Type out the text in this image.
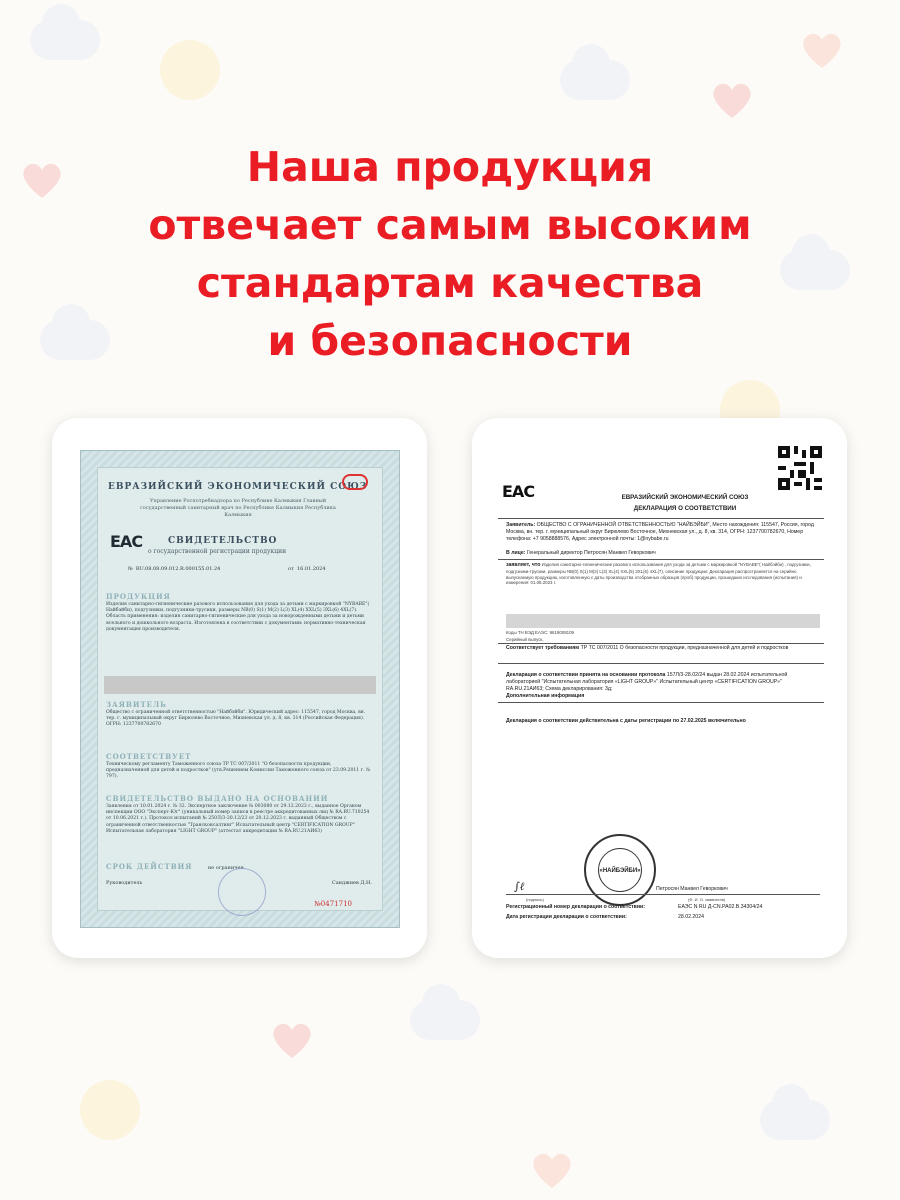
Наша продукция
отвечает самым высоким
стандартам качества
и безопасности
ЕВРАЗИЙСКИЙ ЭКОНОМИЧЕСКИЙ СОЮЗ
Управление Роспотребнадзора по Республике Калмыкия Главный государственный санитарный врач по Республике Калмыкия Республика Калмыкия
ЕАС	СВИДЕТЕЛЬСТВО
о государственной регистрации продукции
№ RU.08.08.09.012.R.000155.01.24	от 16.01.2024
ПРОДУКЦИЯ
Изделия санитарно-гигиенические разового использования для ухода за детьми с маркировкой "NYBABE"( Найбэйби), подгузники, подгузники-трусики, размеры NB(0) S(1) M(2) L(3) XL(4) XXL(5) 3XL(6) 4XL(7). Область применения: изделия санитарно-гигиенические для ухода за новорожденными детьми и детьми ясельного и дошкольного возраста. Изготовлена в соответствии с документами: нормативно-техническая документация производителя.
ЗАЯВИТЕЛЬ
Общество с ограниченной ответственностью "Найбэйби". Юридический адрес: 115547, город Москва, вн. тер. г. муниципальный округ Бирюлево Восточное, Михневская ул. д. 8, кв. 314 (Российская Федерация). ОГРН: 1237700782670
СООТВЕТСТВУЕТ
Техническому регламенту Таможенного союза ТР ТС 007/2011 "О безопасности продукции, предназначенной для детей и подростков" (утв.Решением Комиссии Таможенного союза от 23.09.2011 г. № 797).
СВИДЕТЕЛЬСТВО ВЫДАНО НА ОСНОВАНИИ
Заявления от 10.01.2024 г. № 32. Экспертное заключение № 003080 от 29.12.2023 г., выданное Органом инспекции ООО "Эксперт-Юг" (уникальный номер записи в реестре аккредитованных лиц № RA.RU.710254 от 10.06.2021 г.). Протокол испытаний № 250Л/3-20.12/23 от 20.12.2023 г. выданный Обществом с ограниченной ответственностью "Трансконсалтинг" Испытательный центр "CERTIFICATION GROUP" Испытательная лаборатория "LIGHT GROUP" (аттестат аккредитации № RA.RU.21АИ63)
СРОК ДЕЙСТВИЯ	не ограничен
Руководитель	Санджиев Д.Н.
№0471710
ЕАС	ЕВРАЗИЙСКИЙ ЭКОНОМИЧЕСКИЙ СОЮЗ
ДЕКЛАРАЦИЯ О СООТВЕТСТВИИ
Заявитель: ОБЩЕСТВО С ОГРАНИЧЕННОЙ ОТВЕТСТВЕННОСТЬЮ "НАЙБЭЙБИ", Место нахождения: 115547, Россия, город Москва, вн. тер. г. муниципальный округ Бирюлево Восточное, Михневская ул., д. 8, кв. 314, ОГРН: 1237700782670, Номер телефона: +7 9058888576, Адрес электронной почты: 1@nybabe.ru
В лице: Генеральный директор Петросян Манвел Геворкович
заявляет, что Изделия санитарно-гигиенические разового использования для ухода за детьми с маркировкой "NYBABE"( Найбэйби) , подгузники, подгузники-трусики, размеры NB(0) S(1) M(2) L(3) XL(4) XXL(5) 3XL(6) 4XL(7), описание продукции: Декларация распространяется на серийно выпускаемую продукцию, изготовленную с даты производства отобранных образцов (проб) продукции, прошедших исследования (испытания) и измерения: 01.08.2023 г.
Коды ТН ВЭД ЕАЭС: 9619008109
Серийный выпуск,
Соответствует требованиям ТР ТС 007/2011 О безопасности продукции, предназначенной для детей и подростков
Декларация о соответствии принята на основании протокола 157Л/3-28.02/24 выдан 28.02.2024 испытательной лабораторией "Испытательная лаборатория «LIGHT GROUP»" Испытательный центр «CERTIFICATION GROUP»" RA.RU.21АИ63; Схема декларирования: 3д;
Дополнительная информация
Декларация о соответствии действительна с даты регистрации по 27.02.2025 включительно
«НАЙБЭЙБИ»
∫ℓ	Петросян Манвел Геворкович
(подпись)	(Ф. И. О. заявителя)
Регистрационный номер декларации о соответствии:	ЕАЭС N RU Д-CN.РА02.В.34304/24
Дата регистрации декларации о соответствии:	28.02.2024
